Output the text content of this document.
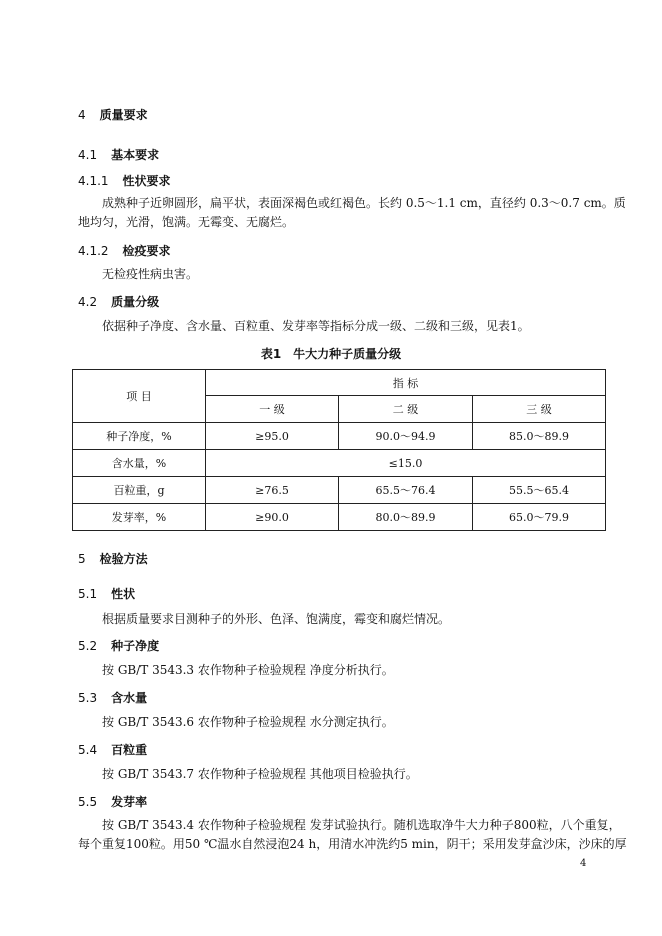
4 质量要求
4.1 基本要求
4.1.1 性状要求
成熟种子近卵圆形，扁平状，表面深褐色或红褐色。长约 0.5～1.1 cm，直径约 0.3～0.7 cm。质
地均匀，光滑，饱满。无霉变、无腐烂。
4.1.2 检疫要求
无检疫性病虫害。
4.2 质量分级
依据种子净度、含水量、百粒重、发芽率等指标分成一级、二级和三级，见表1。
表1　牛大力种子质量分级
项 目	指 标		
	一 级	二 级	三 级
种子净度，%	≥95.0	90.0～94.9	85.0～89.9
含水量，%	≤15.0		
百粒重，g	≥76.5	65.5～76.4	55.5～65.4
发芽率，%	≥90.0	80.0～89.9	65.0～79.9
5 检验方法
5.1 性状
根据质量要求目测种子的外形、色泽、饱满度，霉变和腐烂情况。
5.2 种子净度
按 GB/T 3543.3 农作物种子检验规程 净度分析执行。
5.3 含水量
按 GB/T 3543.6 农作物种子检验规程 水分测定执行。
5.4 百粒重
按 GB/T 3543.7 农作物种子检验规程 其他项目检验执行。
5.5 发芽率
按 GB/T 3543.4 农作物种子检验规程 发芽试验执行。随机选取净牛大力种子800粒，八个重复，
每个重复100粒。用50 ℃温水自然浸泡24 h，用清水冲洗约5 min，阴干；采用发芽盒沙床，沙床的厚
4
